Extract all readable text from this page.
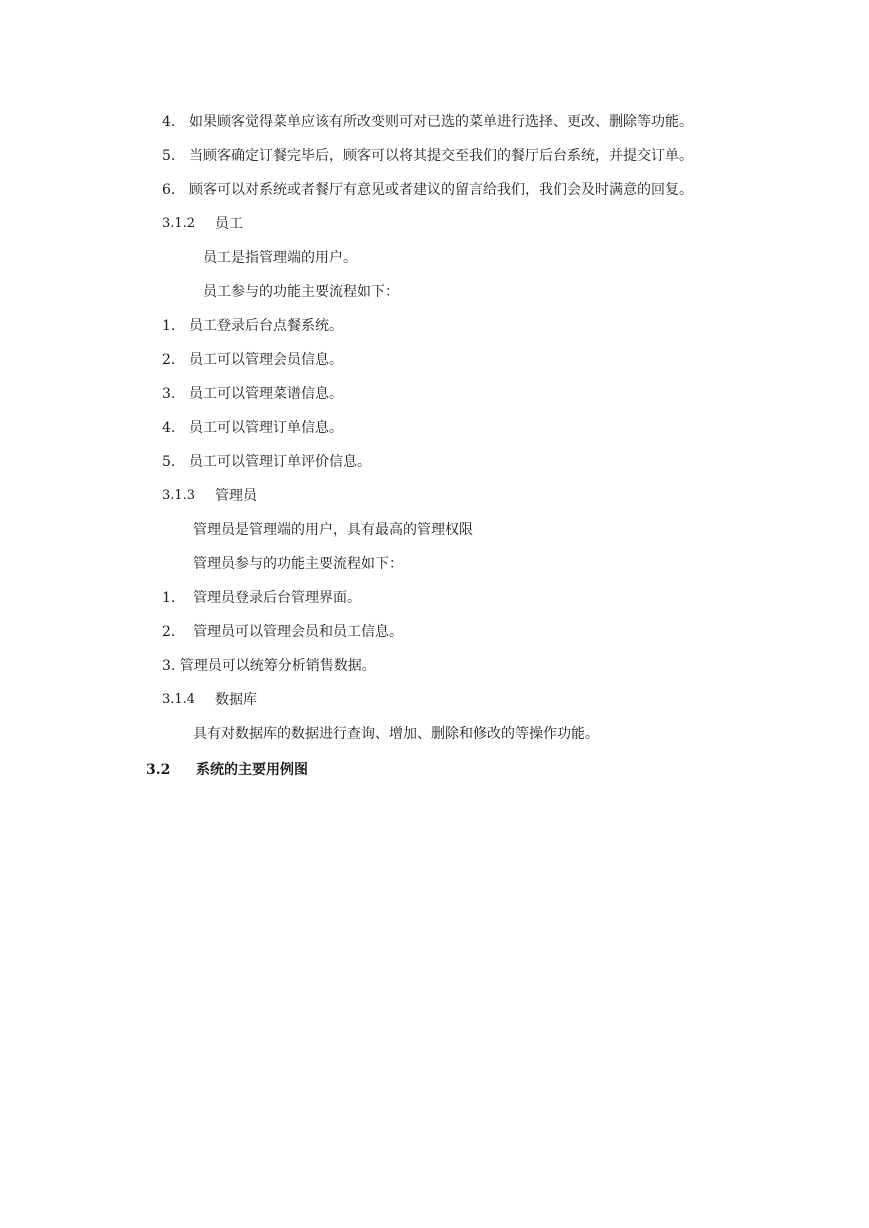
4. 如果顾客觉得菜单应该有所改变则可对已选的菜单进行选择、更改、删除等功能。
5. 当顾客确定订餐完毕后，顾客可以将其提交至我们的餐厅后台系统，并提交订单。
6. 顾客可以对系统或者餐厅有意见或者建议的留言给我们，我们会及时满意的回复。
3.1.2 员工
员工是指管理端的用户。
员工参与的功能主要流程如下：
1. 员工登录后台点餐系统。
2. 员工可以管理会员信息。
3. 员工可以管理菜谱信息。
4. 员工可以管理订单信息。
5. 员工可以管理订单评价信息。
3.1.3 管理员
管理员是管理端的用户，具有最高的管理权限
管理员参与的功能主要流程如下：
1. 管理员登录后台管理界面。
2. 管理员可以管理会员和员工信息。
3. 管理员可以统筹分析销售数据。
3.1.4 数据库
具有对数据库的数据进行查询、增加、删除和修改的等操作功能。
3.2 系统的主要用例图
